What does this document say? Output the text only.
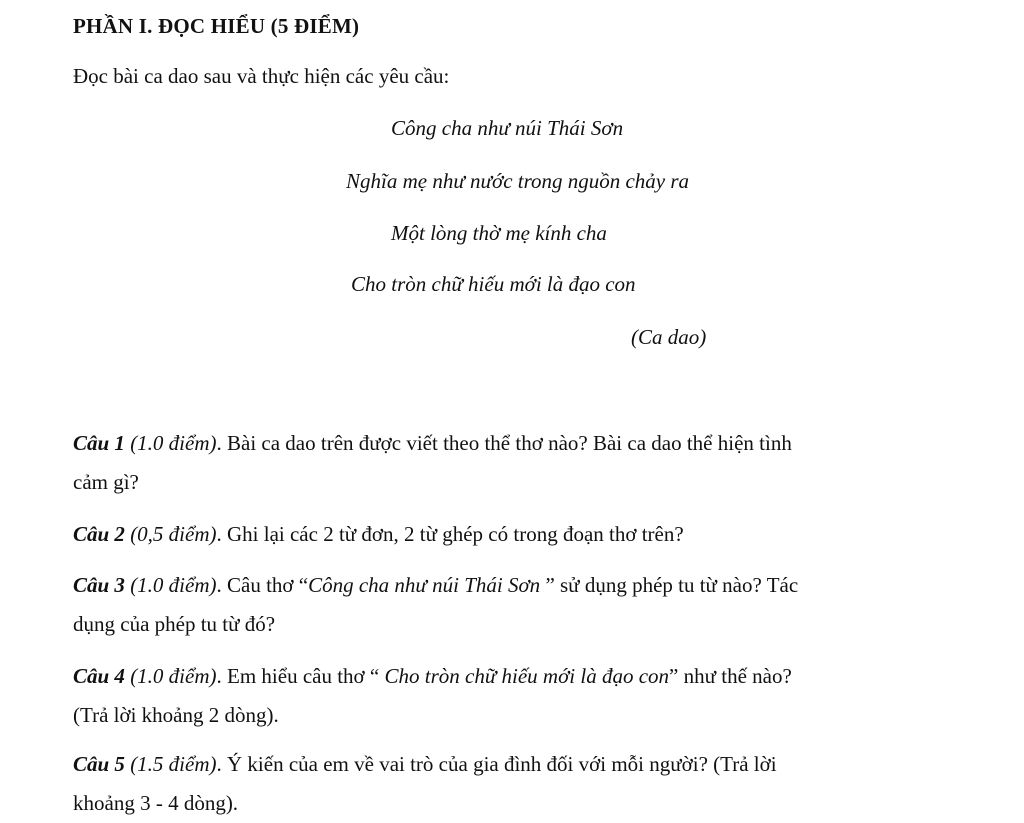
PHẦN I. ĐỌC HIỂU (5 ĐIỂM)
Đọc bài ca dao sau và thực hiện các yêu cầu:
Công cha như núi Thái Sơn
Nghĩa mẹ như nước trong nguồn chảy ra
Một lòng thờ mẹ kính cha
Cho tròn chữ hiếu mới là đạo con
(Ca dao)
Câu 1 (1.0 điểm). Bài ca dao trên được viết theo thể thơ nào? Bài ca dao thể hiện tình
cảm gì?
Câu 2 (0,5 điểm). Ghi lại các 2 từ đơn, 2 từ ghép có trong đoạn thơ trên?
Câu 3 (1.0 điểm). Câu thơ “Công cha như núi Thái Sơn ” sử dụng phép tu từ nào? Tác
dụng của phép tu từ đó?
Câu 4 (1.0 điểm). Em hiểu câu thơ “ Cho tròn chữ hiếu mới là đạo con” như thế nào?
(Trả lời khoảng 2 dòng).
Câu 5 (1.5 điểm). Ý kiến của em về vai trò của gia đình đối với mỗi người? (Trả lời
khoảng 3 - 4 dòng).
